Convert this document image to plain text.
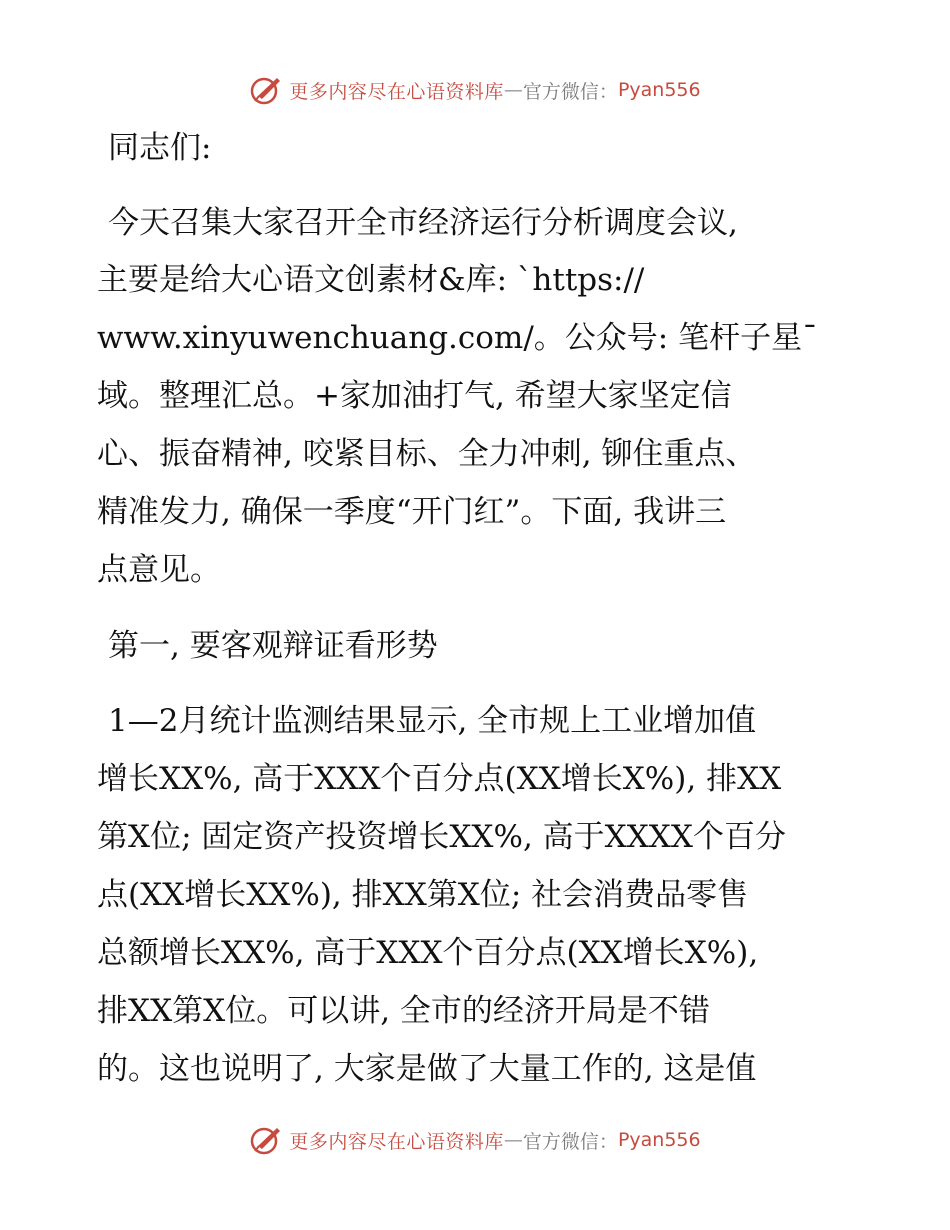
更多内容尽在心语资料库 — 官方微信： Pyan556
同志们:
今天召集大家召开全市经济运行分析调度会议,
主要是给大心语文创素材&库: `https://
www.xinyuwenchuang.com/。公众号: 笔杆子星¯
域。整理汇总。+家加油打气, 希望大家坚定信
心、振奋精神, 咬紧目标、全力冲刺, 铆住重点、
精准发力, 确保一季度“开门红”。下面, 我讲三
点意见。
第一, 要客观辩证看形势
1—2月统计监测结果显示, 全市规上工业增加值
增长XX%, 高于XXX个百分点(XX增长X%), 排XX
第X位; 固定资产投资增长XX%, 高于XXXX个百分
点(XX增长XX%), 排XX第X位; 社会消费品零售
总额增长XX%, 高于XXX个百分点(XX增长X%),
排XX第X位。可以讲, 全市的经济开局是不错
的。这也说明了, 大家是做了大量工作的, 这是值
更多内容尽在心语资料库 — 官方微信： Pyan556
